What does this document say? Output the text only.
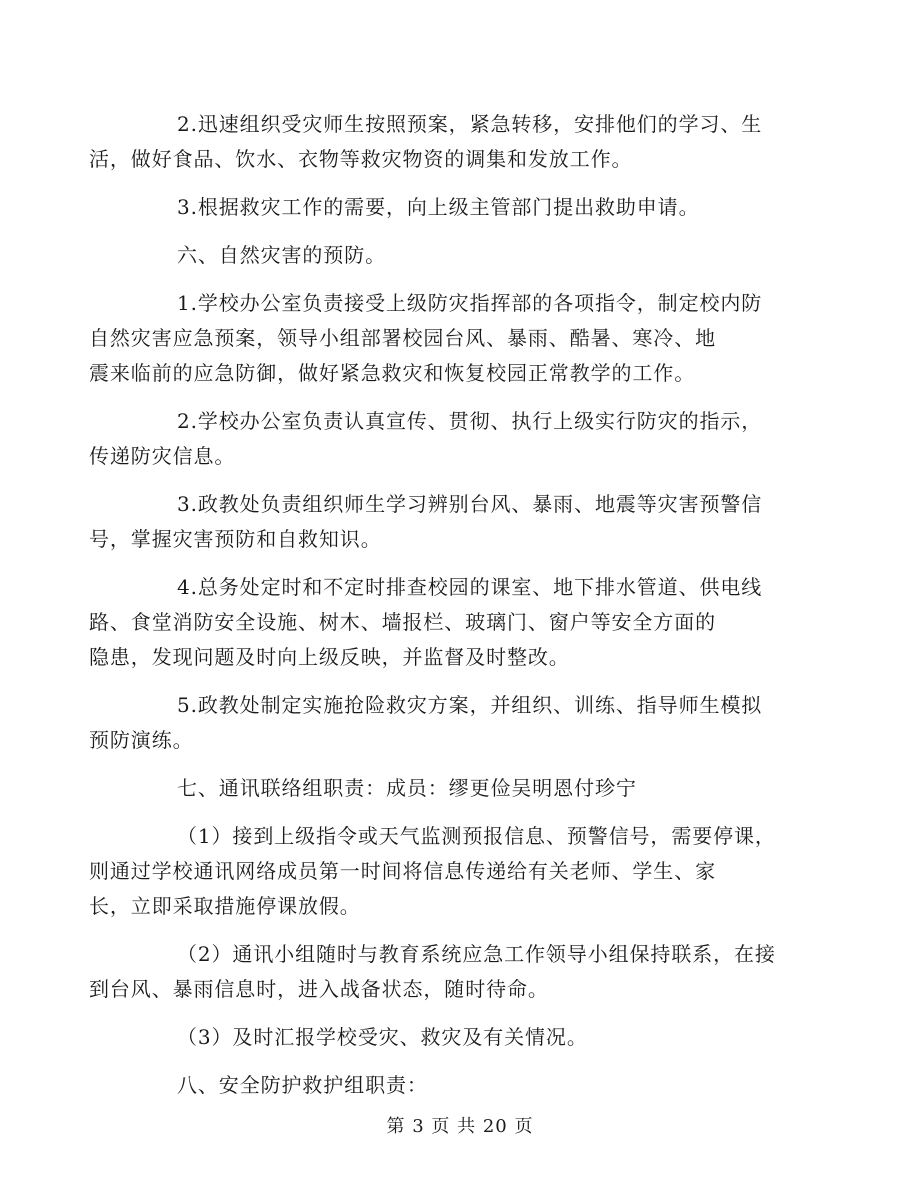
2.迅速组织受灾师生按照预案，紧急转移，安排他们的学习、生
活，做好食品、饮水、衣物等救灾物资的调集和发放工作。

3.根据救灾工作的需要，向上级主管部门提出救助申请。

六、自然灾害的预防。

1.学校办公室负责接受上级防灾指挥部的各项指令，制定校内防
自然灾害应急预案，领导小组部署校园台风、暴雨、酷暑、寒冷、地
震来临前的应急防御，做好紧急救灾和恢复校园正常教学的工作。

2.学校办公室负责认真宣传、贯彻、执行上级实行防灾的指示，
传递防灾信息。

3.政教处负责组织师生学习辨别台风、暴雨、地震等灾害预警信
号，掌握灾害预防和自救知识。

4.总务处定时和不定时排查校园的课室、地下排水管道、供电线
路、食堂消防安全设施、树木、墙报栏、玻璃门、窗户等安全方面的
隐患，发现问题及时向上级反映，并监督及时整改。

5.政教处制定实施抢险救灾方案，并组织、训练、指导师生模拟
预防演练。

七、通讯联络组职责：成员：缪更俭吴明恩付珍宁

（1）接到上级指令或天气监测预报信息、预警信号，需要停课，
则通过学校通讯网络成员第一时间将信息传递给有关老师、学生、家
长，立即采取措施停课放假。

（2）通讯小组随时与教育系统应急工作领导小组保持联系，在接
到台风、暴雨信息时，进入战备状态，随时待命。

（3）及时汇报学校受灾、救灾及有关情况。

八、安全防护救护组职责：

第 3 页 共 20 页
